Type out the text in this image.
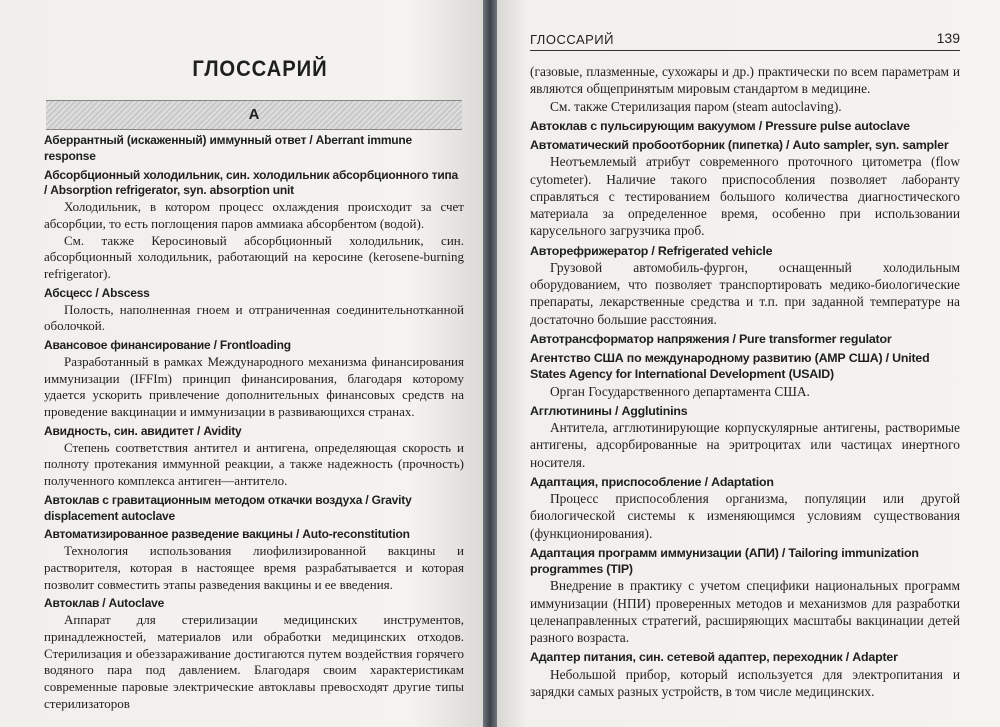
ГЛОССАРИЙ
А
ГЛОССАРИЙ	139
Аберрантный (искаженный) иммунный ответ / Aberrant immune response
Абсорбционный холодильник, син. холодильник абсорбционного типа / Absorption refrigerator, syn. absorption unit

Холодильник, в котором процесс охлаждения происходит за счет абсорбции, то есть поглощения паров аммиака абсорбентом (водой).

См. также Керосиновый абсорбционный холодильник, син. абсорбционный холодильник, работающий на керосине (kerosene-burning refrigerator).

Абсцесс / Abscess

Полость, наполненная гноем и отграниченная соединительнотканной оболочкой.

Авансовое финансирование / Frontloading

Разработанный в рамках Международного механизма финансирования иммунизации (IFFIm) принцип финансирования, благодаря которому удается ускорить привлечение дополнительных финансовых средств на проведение вакцинации и иммунизации в развивающихся странах.

Авидность, син. авидитет / Avidity

Степень соответствия антител и антигена, определяющая скорость и полноту протекания иммунной реакции, а также надежность (прочность) полученного комплекса антиген—антитело.

Автоклав с гравитационным методом откачки воздуха / Gravity displacement autoclave
Автоматизированное разведение вакцины / Auto-reconstitution

Технология использования лиофилизированной вакцины и растворителя, которая в настоящее время разрабатывается и которая позволит совместить этапы разведения вакцины и ее введения.

Автоклав / Autoclave

Аппарат для стерилизации медицинских инструментов, принадлежностей, материалов или обработки медицинских отходов. Стерилизация и обеззараживание достигаются путем воздействия горячего водяного пара под давлением. Благодаря своим характеристикам современные паровые электрические автоклавы превосходят другие типы стерилизаторов

(газовые, плазменные, сухожары и др.) практически по всем параметрам и являются общепринятым мировым стандартом в медицине.

См. также Стерилизация паром (steam autoclaving).

Автоклав с пульсирующим вакуумом / Pressure pulse autoclave
Автоматический пробоотборник (пипетка) / Auto sampler, syn. sampler

Неотъемлемый атрибут современного проточного цитометра (flow cytometer). Наличие такого приспособления позволяет лаборанту справляться с тестированием большого количества диагностического материала за определенное время, особенно при использовании карусельного загрузчика проб.

Авторефрижератор / Refrigerated vehicle

Грузовой автомобиль-фургон, оснащенный холодильным оборудованием, что позволяет транспортировать медико-биологические препараты, лекарственные средства и т.п. при заданной температуре на достаточно большие расстояния.

Автотрансформатор напряжения / Pure transformer regulator
Агентство США по международному развитию (АМР США) / United States Agency for International Development (USAID)

Орган Государственного департамента США.

Агглютинины / Agglutinins

Антитела, агглютинирующие корпускулярные антигены, растворимые антигены, адсорбированные на эритроцитах или частицах инертного носителя.

Адаптация, приспособление / Adaptation

Процесс приспособления организма, популяции или другой биологической системы к изменяющимся условиям существования (функционирования).

Адаптация программ иммунизации (АПИ) / Tailoring immunization programmes (TIP)

Внедрение в практику с учетом специфики национальных программ иммунизации (НПИ) проверенных методов и механизмов для разработки целенаправленных стратегий, расширяющих масштабы вакцинации детей разного возраста.

Адаптер питания, син. сетевой адаптер, переходник / Adapter

Небольшой прибор, который используется для электропитания и зарядки самых разных устройств, в том числе медицинских.
